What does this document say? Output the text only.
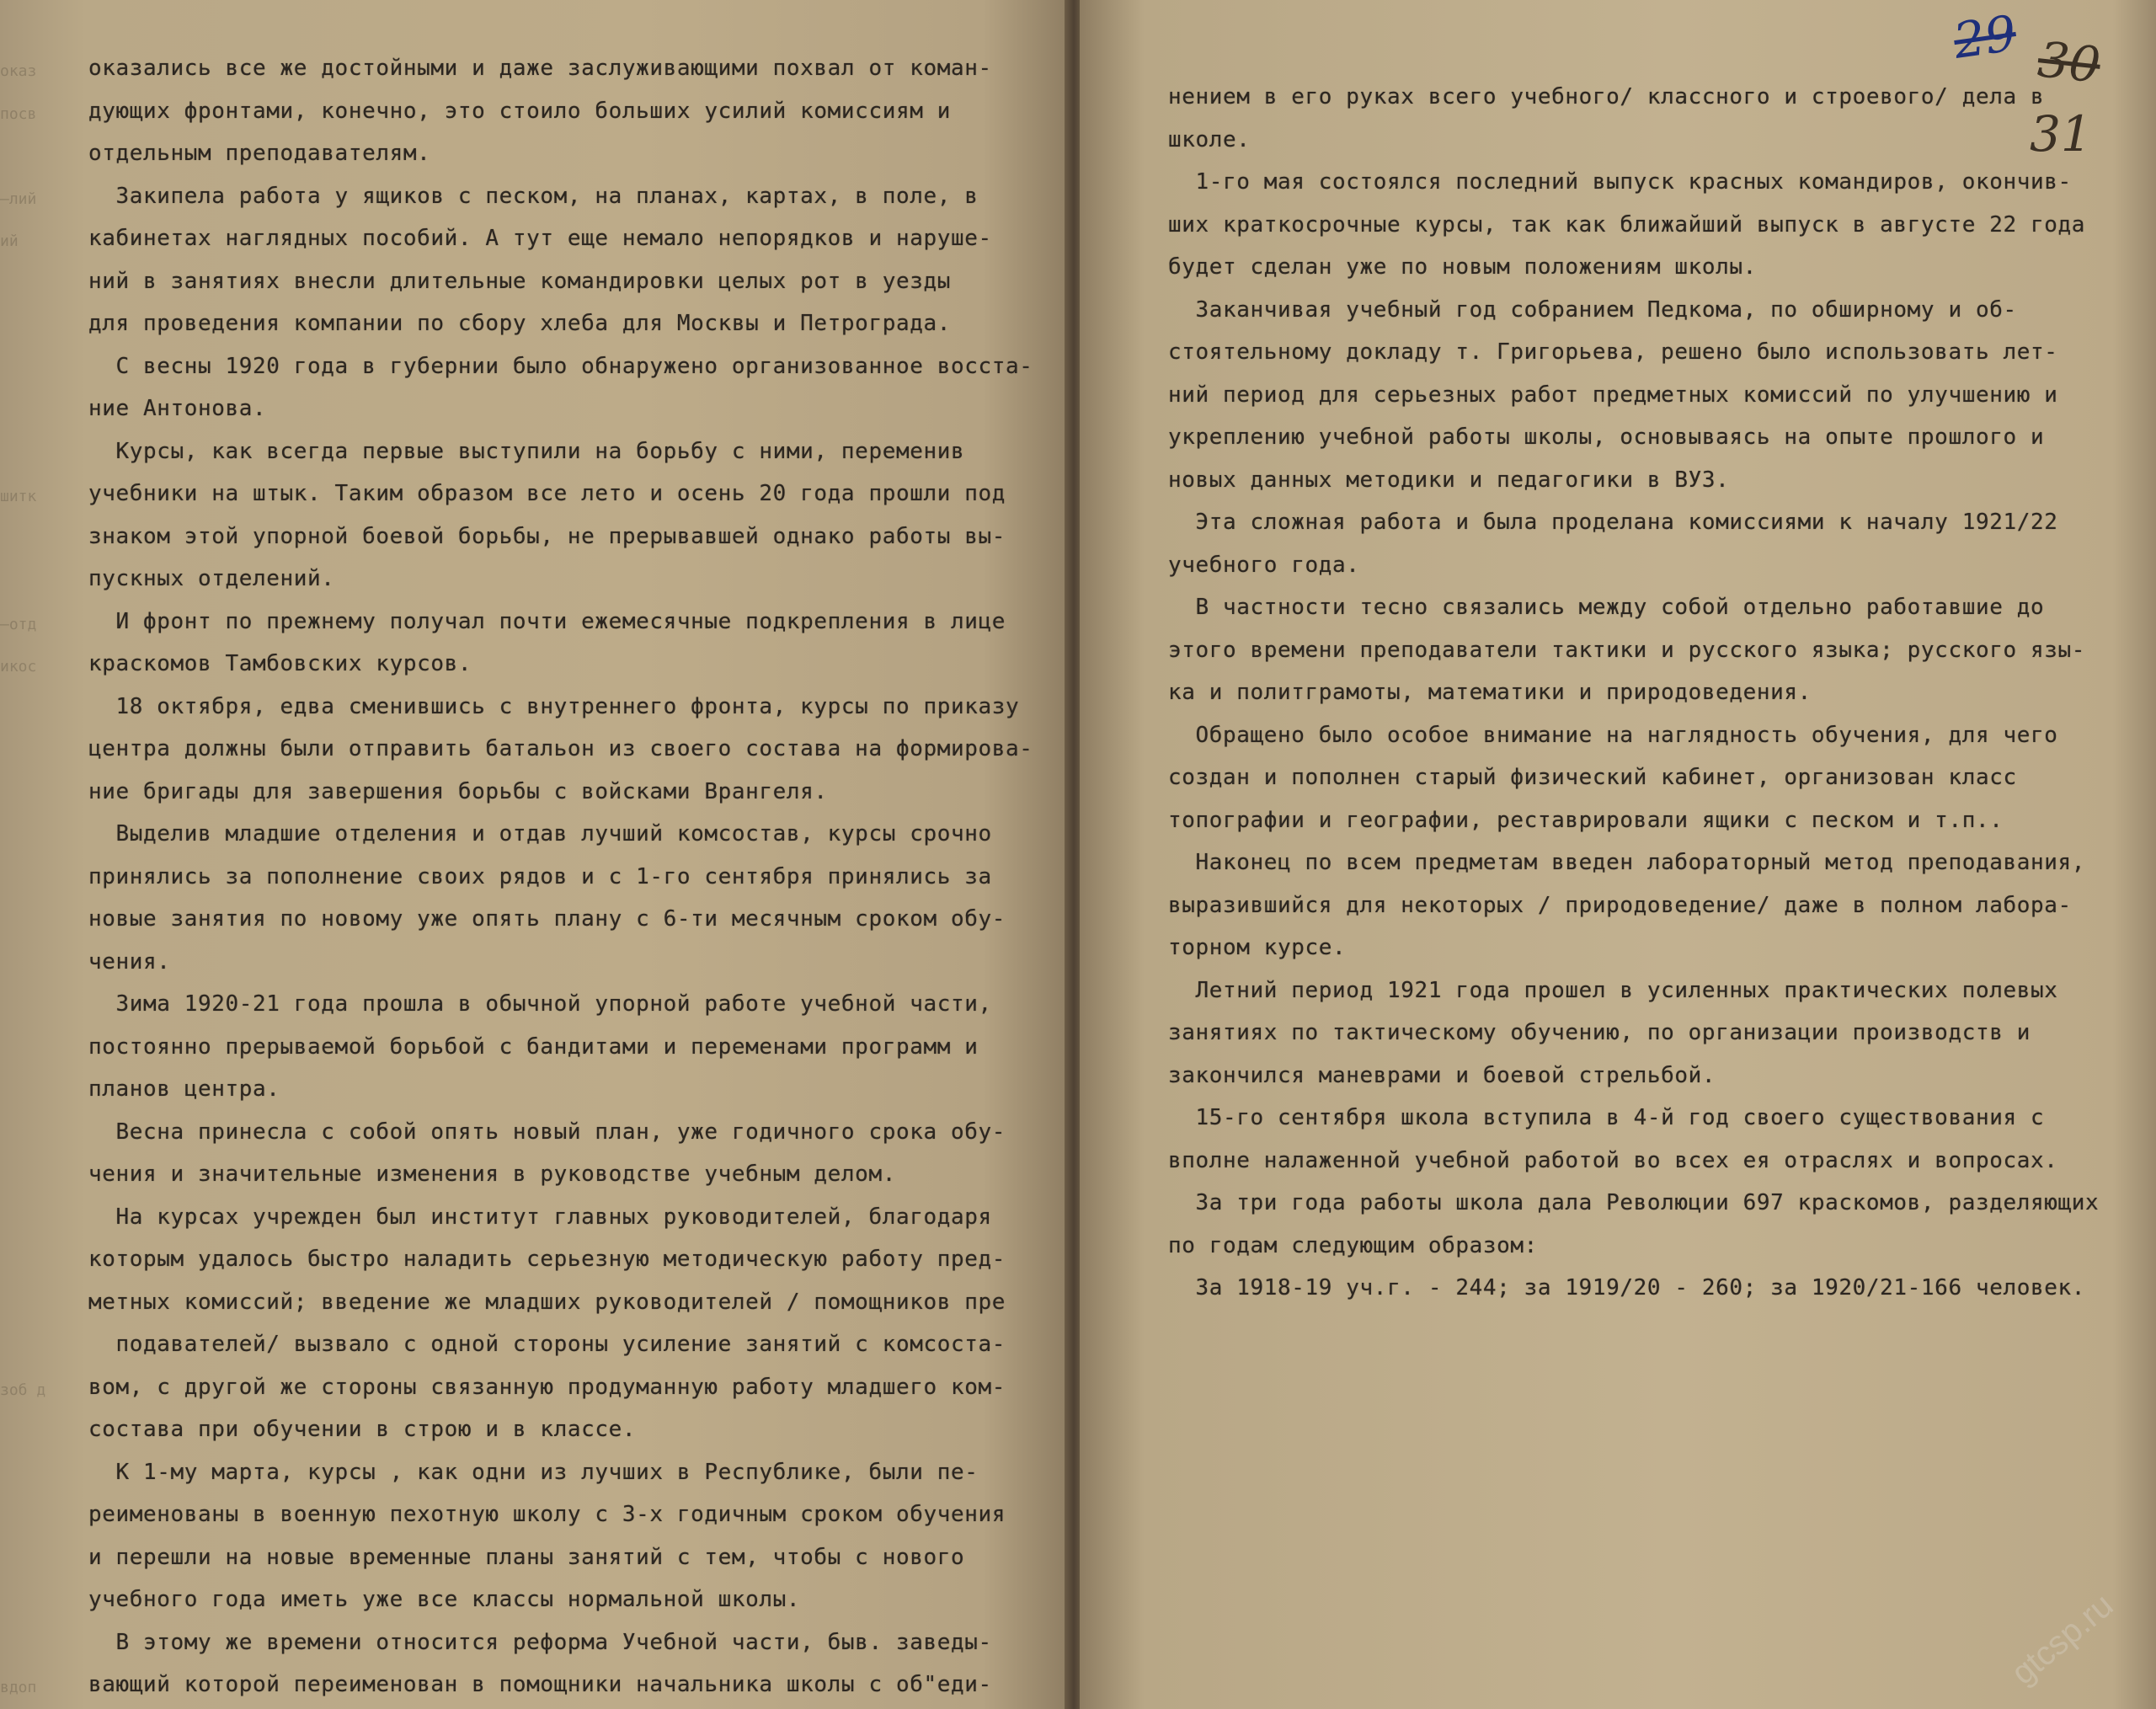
оказ
посв
–лий
ий
шитк
–отд
икос
зоб д
вдоп
оказались все же достойными и даже заслуживающими похвал от коман-
дующих фронтами, конечно, это стоило больших усилий комиссиям и
отдельным преподавателям.
Закипела работа у ящиков с песком, на планах, картах, в поле, в
кабинетах наглядных пособий. А тут еще немало непорядков и наруше-
ний в занятиях внесли длительные командировки целых рот в уезды
для проведения компании по сбору хлеба для Москвы и Петрограда.
С весны 1920 года в губернии было обнаружено организованное восста-
ние Антонова.
Курсы, как всегда первые выступили на борьбу с ними, переменив
учебники на штык. Таким образом все лето и осень 20 года прошли под
знаком этой упорной боевой борьбы, не прерывавшей однако работы вы-
пускных отделений.
И фронт по прежнему получал почти ежемесячные подкрепления в лице
краскомов Тамбовских курсов.
18 октября, едва сменившись с внутреннего фронта, курсы по приказу
центра должны были отправить батальон из своего состава на формирова-
ние бригады для завершения борьбы с войсками Врангеля.
Выделив младшие отделения и отдав лучший комсостав, курсы срочно
принялись за пополнение своих рядов и с 1-го сентября принялись за
новые занятия по новому уже опять плану с 6-ти месячным сроком обу-
чения.
Зима 1920-21 года прошла в обычной упорной работе учебной части,
постоянно прерываемой борьбой с бандитами и переменами программ и
планов центра.
Весна принесла с собой опять новый план, уже годичного срока обу-
чения и значительные изменения в руководстве учебным делом.
На курсах учрежден был институт главных руководителей, благодаря
которым удалось быстро наладить серьезную методическую работу пред-
метных комиссий; введение же младших руководителей / помощников пре
подавателей/ вызвало с одной стороны усиление занятий с комсоста-
вом, с другой же стороны связанную продуманную работу младшего ком-
состава при обучении в строю и в классе.
К 1-му марта, курсы , как одни из лучших в Республике, были пе-
реименованы в военную пехотную школу с 3-х годичным сроком обучения
и перешли на новые временные планы занятий с тем, чтобы с нового
учебного года иметь уже все классы нормальной школы.
В этому же времени относится реформа Учебной части, быв. заведы-
вающий которой переименован в помощники начальника школы с об"еди-
29 30
31
нением в его руках всего учебного/ классного и строевого/ дела в
школе.
1-го мая состоялся последний выпуск красных командиров, окончив-
ших краткосрочные курсы, так как ближайший выпуск в августе 22 года
будет сделан уже по новым положениям школы.
Заканчивая учебный год собранием Педкома, по обширному и об-
стоятельному докладу т. Григорьева, решено было использовать лет-
ний период для серьезных работ предметных комиссий по улучшению и
укреплению учебной работы школы, основываясь на опыте прошлого и
новых данных методики и педагогики в ВУЗ.
Эта сложная работа и была проделана комиссиями к началу 1921/22
учебного года.
В частности тесно связались между собой отдельно работавшие до
этого времени преподаватели тактики и русского языка; русского язы-
ка и политграмоты, математики и природоведения.
Обращено было особое внимание на наглядность обучения, для чего
создан и пополнен старый физический кабинет, организован класс
топографии и географии, реставрировали ящики с песком и т.п..
Наконец по всем предметам введен лабораторный метод преподавания,
выразившийся для некоторых / природоведение/ даже в полном лабора-
торном курсе.
Летний период 1921 года прошел в усиленных практических полевых
занятиях по тактическому обучению, по организации производств и
закончился маневрами и боевой стрельбой.
15-го сентября школа вступила в 4-й год своего существования с
вполне налаженной учебной работой во всех ея отраслях и вопросах.
За три года работы школа дала Революции 697 краскомов, разделяющих
по годам следующим образом:
За 1918-19 уч.г. - 244; за 1919/20 - 260; за 1920/21-166 человек.
gtcsp.ru
